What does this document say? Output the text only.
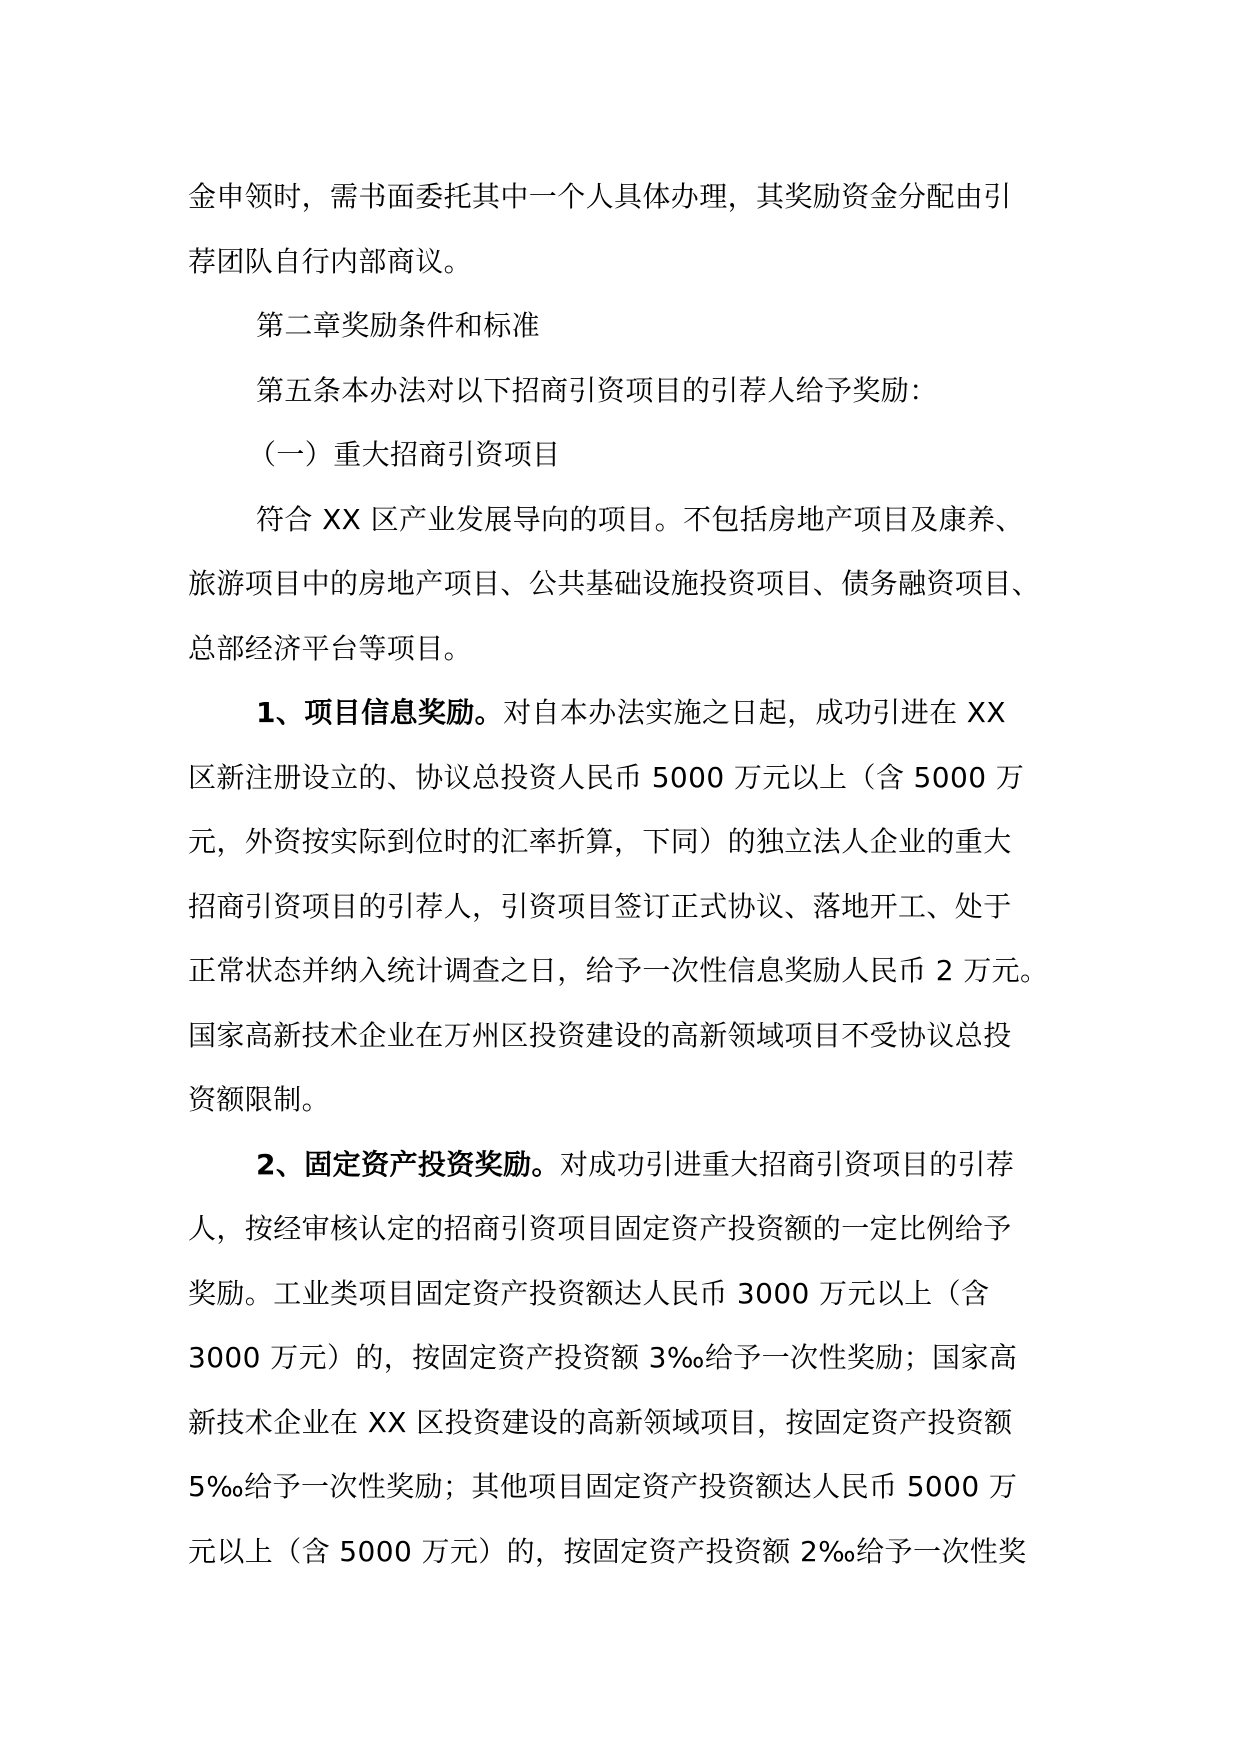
金申领时，需书面委托其中一个人具体办理，其奖励资金分配由引
荐团队自行内部商议。
第二章奖励条件和标准
第五条本办法对以下招商引资项目的引荐人给予奖励：
（一）重大招商引资项目
符合 XX 区产业发展导向的项目。不包括房地产项目及康养、
旅游项目中的房地产项目、公共基础设施投资项目、债务融资项目、
总部经济平台等项目。
1、项目信息奖励。对自本办法实施之日起，成功引进在 XX
区新注册设立的、协议总投资人民币 5000 万元以上（含 5000 万
元，外资按实际到位时的汇率折算，下同）的独立法人企业的重大
招商引资项目的引荐人，引资项目签订正式协议、落地开工、处于
正常状态并纳入统计调查之日，给予一次性信息奖励人民币 2 万元。
国家高新技术企业在万州区投资建设的高新领域项目不受协议总投
资额限制。
2、固定资产投资奖励。对成功引进重大招商引资项目的引荐
人，按经审核认定的招商引资项目固定资产投资额的一定比例给予
奖励。工业类项目固定资产投资额达人民币 3000 万元以上（含
3000 万元）的，按固定资产投资额 3‰给予一次性奖励；国家高
新技术企业在 XX 区投资建设的高新领域项目，按固定资产投资额
5‰给予一次性奖励；其他项目固定资产投资额达人民币 5000 万
元以上（含 5000 万元）的，按固定资产投资额 2‰给予一次性奖
